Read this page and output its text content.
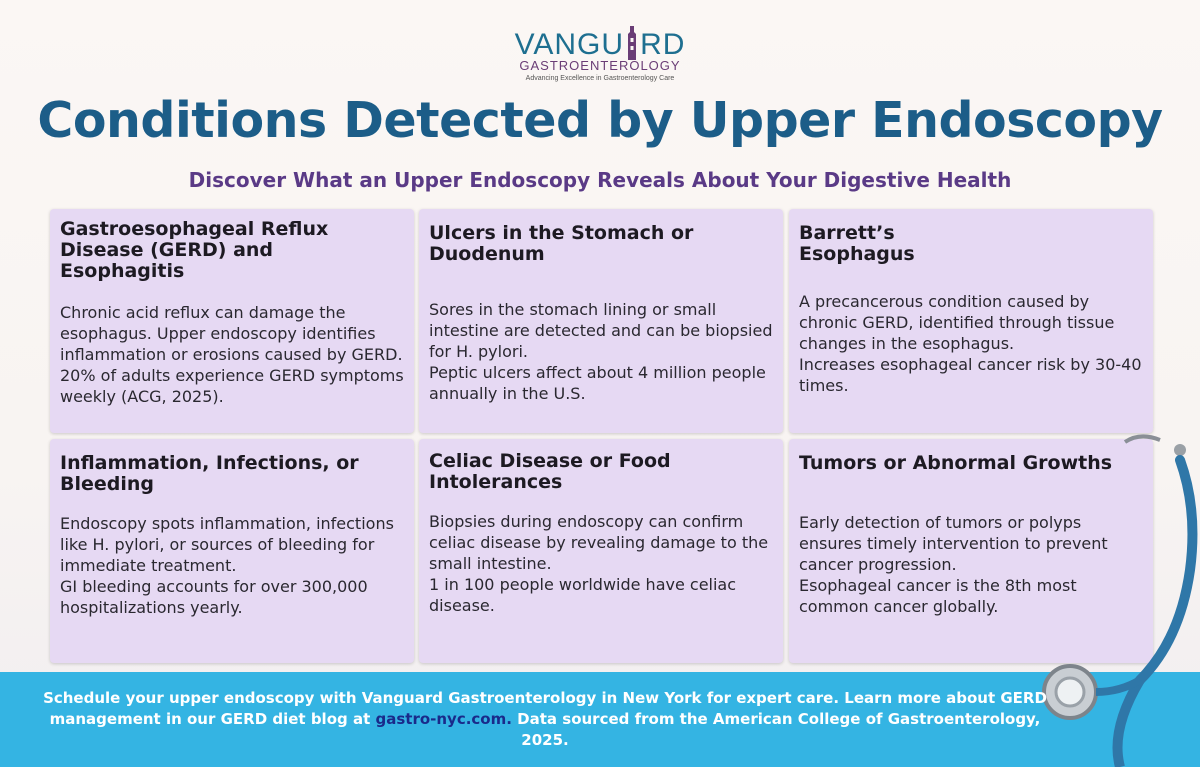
VANGU RD
GASTROENTEROLOGY
Advancing Excellence in Gastroenterology Care
Conditions Detected by Upper Endoscopy
Discover What an Upper Endoscopy Reveals About Your Digestive Health
Gastroesophageal Reflux Disease (GERD) and Esophagitis

Chronic acid reflux can damage the esophagus. Upper endoscopy identifies inflammation or erosions caused by GERD.

20% of adults experience GERD symptoms weekly (ACG, 2025).

Ulcers in the Stomach or Duodenum

Sores in the stomach lining or small intestine are detected and can be biopsied for H. pylori.

Peptic ulcers affect about 4 million people annually in the U.S.

Barrett’s Esophagus

A precancerous condition caused by chronic GERD, identified through tissue changes in the esophagus.

Increases esophageal cancer risk by 30-40 times.

Inflammation, Infections, or Bleeding

Endoscopy spots inflammation, infections like H. pylori, or sources of bleeding for immediate treatment.

GI bleeding accounts for over 300,000 hospitalizations yearly.

Celiac Disease or Food Intolerances

Biopsies during endoscopy can confirm celiac disease by revealing damage to the small intestine.

1 in 100 people worldwide have celiac disease.

Tumors or Abnormal Growths

Early detection of tumors or polyps ensures timely intervention to prevent cancer progression.

Esophageal cancer is the 8th most common cancer globally.

Schedule your upper endoscopy with Vanguard Gastroenterology in New York for expert care. Learn more about GERD management in our GERD diet blog at gastro-nyc.com. Data sourced from the American College of Gastroenterology, 2025.
